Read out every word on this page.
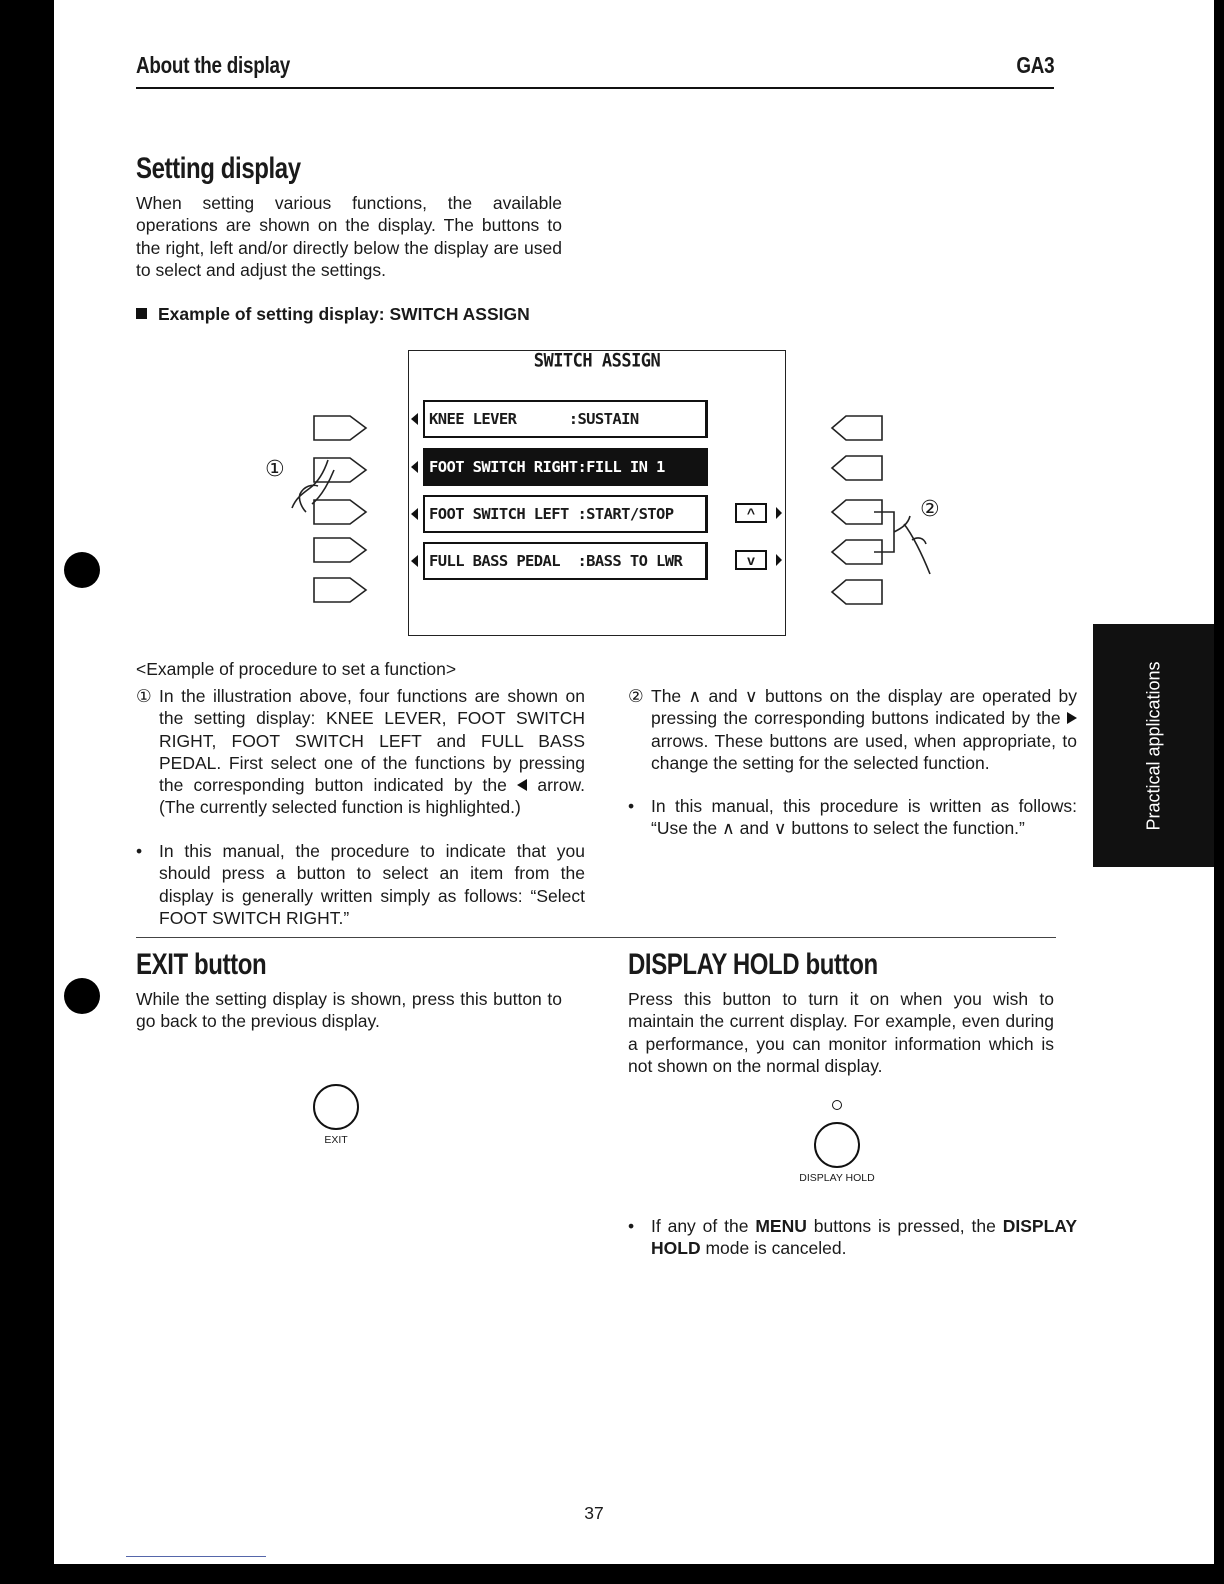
About the display	GA3
Setting display
When setting various functions, the available operations are shown on the display. The buttons to the right, left and/or directly below the display are used to select and adjust the settings.
Example of setting display: SWITCH ASSIGN
SWITCH ASSIGN
KNEE LEVER      :SUSTAIN
FOOT SWITCH RIGHT:FILL IN 1
FOOT SWITCH LEFT :START/STOP
FULL BASS PEDAL  :BASS TO LWR
^
v
①
②
Practical applications
<Example of procedure to set a function>
① In the illustration above, four functions are shown on the setting display: KNEE LEVER, FOOT SWITCH RIGHT, FOOT SWITCH LEFT and FULL BASS PEDAL. First select one of the functions by pressing the corresponding button indicated by the arrow. (The currently selected function is highlighted.)
•In this manual, the procedure to indicate that you should press a button to select an item from the display is generally written simply as follows: “Select FOOT SWITCH RIGHT.”
② The ∧ and ∨ buttons on the display are operated by pressing the corresponding buttons indicated by the  arrows. These buttons are used, when appropriate, to change the setting for the selected function.
•In this manual, this procedure is written as follows: “Use the ∧ and ∨ buttons to select the function.”
EXIT button
While the setting display is shown, press this button to go back to the previous display.
EXIT
DISPLAY HOLD button
Press this button to turn it on when you wish to maintain the current display. For example, even during a performance, you can monitor information which is not shown on the normal display.
DISPLAY HOLD
•If any of the MENU buttons is pressed, the DISPLAY HOLD mode is canceled.
37
